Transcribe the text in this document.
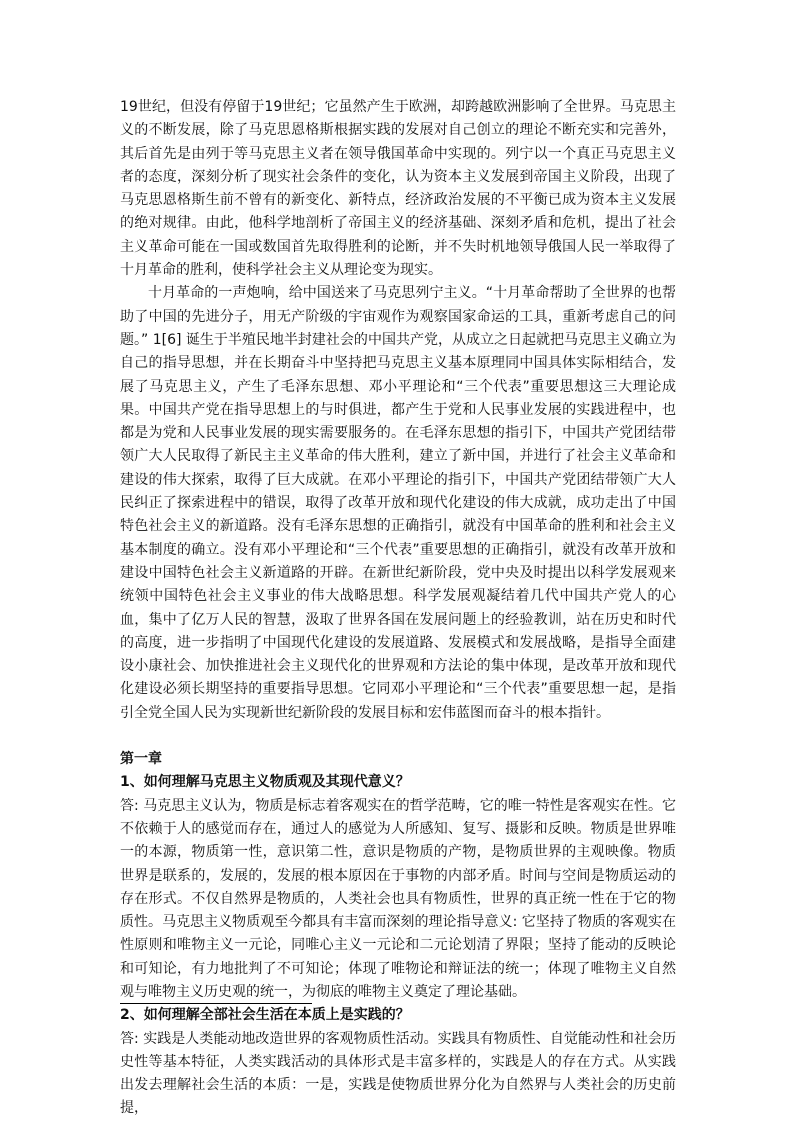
19世纪，但没有停留于19世纪；它虽然产生于欧洲，却跨越欧洲影响了全世界。马克思主义的不断发展，除了马克思恩格斯根据实践的发展对自己创立的理论不断充实和完善外，其后首先是由列于等马克思主义者在领导俄国革命中实现的。列宁以一个真正马克思主义者的态度，深刻分析了现实社会条件的变化，认为资本主义发展到帝国主义阶段，出现了马克思恩格斯生前不曾有的新变化、新特点，经济政治发展的不平衡已成为资本主义发展的绝对规律。由此，他科学地剖析了帝国主义的经济基础、深刻矛盾和危机，提出了社会主义革命可能在一国或数国首先取得胜利的论断，并不失时机地领导俄国人民一举取得了十月革命的胜利，使科学社会主义从理论变为现实。

十月革命的一声炮响，给中国送来了马克思列宁主义。“十月革命帮助了全世界的也帮助了中国的先进分子，用无产阶级的宇宙观作为观察国家命运的工具，重新考虑自己的问题。” 1[6] 诞生于半殖民地半封建社会的中国共产党，从成立之日起就把马克思主义确立为自己的指导思想，并在长期奋斗中坚持把马克思主义基本原理同中国具体实际相结合，发展了马克思主义，产生了毛泽东思想、邓小平理论和“三个代表”重要思想这三大理论成果。中国共产党在指导思想上的与时俱进，都产生于党和人民事业发展的实践进程中，也都是为党和人民事业发展的现实需要服务的。在毛泽东思想的指引下，中国共产党团结带领广大人民取得了新民主主义革命的伟大胜利，建立了新中国，并进行了社会主义革命和建设的伟大探索，取得了巨大成就。在邓小平理论的指引下，中国共产党团结带领广大人民纠正了探索进程中的错误，取得了改革开放和现代化建设的伟大成就，成功走出了中国特色社会主义的新道路。没有毛泽东思想的正确指引，就没有中国革命的胜利和社会主义基本制度的确立。没有邓小平理论和“三个代表”重要思想的正确指引，就没有改革开放和建设中国特色社会主义新道路的开辟。在新世纪新阶段，党中央及时提出以科学发展观来统领中国特色社会主义事业的伟大战略思想。科学发展观凝结着几代中国共产党人的心血，集中了亿万人民的智慧，汲取了世界各国在发展问题上的经验教训，站在历史和时代的高度，进一步指明了中国现代化建设的发展道路、发展模式和发展战略，是指导全面建设小康社会、加快推进社会主义现代化的世界观和方法论的集中体现，是改革开放和现代化建设必须长期坚持的重要指导思想。它同邓小平理论和“三个代表”重要思想一起，是指引全党全国人民为实现新世纪新阶段的发展目标和宏伟蓝图而奋斗的根本指针。

第一章

1、如何理解马克思主义物质观及其现代意义？

答: 马克思主义认为，物质是标志着客观实在的哲学范畴，它的唯一特性是客观实在性。它不依赖于人的感觉而存在，通过人的感觉为人所感知、复写、摄影和反映。物质是世界唯一的本源，物质第一性，意识第二性，意识是物质的产物，是物质世界的主观映像。物质世界是联系的，发展的，发展的根本原因在于事物的内部矛盾。时间与空间是物质运动的存在形式。不仅自然界是物质的，人类社会也具有物质性，世界的真正统一性在于它的物质性。马克思主义物质观至今都具有丰富而深刻的理论指导意义: 它坚持了物质的客观实在性原则和唯物主义一元论，同唯心主义一元论和二元论划清了界限；坚持了能动的反映论和可知论，有力地批判了不可知论；体现了唯物论和辩证法的统一；体现了唯物主义自然观与唯物主义历史观的统一，为彻底的唯物主义奠定了理论基础。

2、如何理解全部社会生活在本质上是实践的？

答: 实践是人类能动地改造世界的客观物质性活动。实践具有物质性、自觉能动性和社会历史性等基本特征，人类实践活动的具体形式是丰富多样的，实践是人的存在方式。从实践出发去理解社会生活的本质：一是，实践是使物质世界分化为自然界与人类社会的历史前提，
